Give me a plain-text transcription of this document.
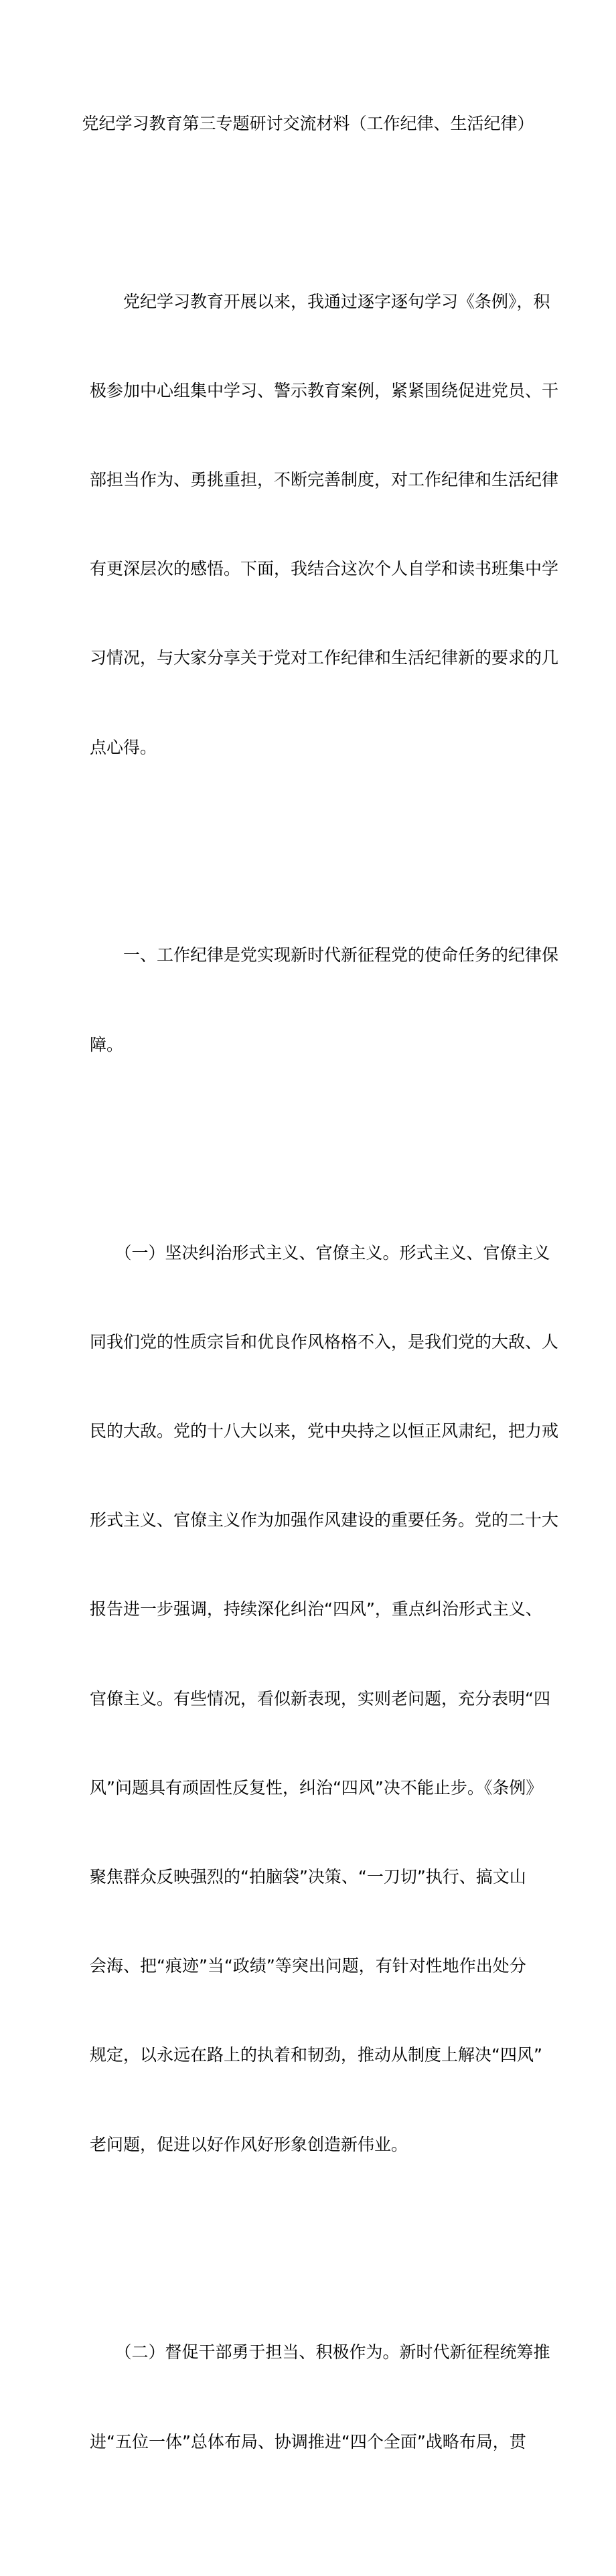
党纪学习教育第三专题研讨交流材料（工作纪律、生活纪律）

　　党纪学习教育开展以来，我通过逐字逐句学习《条例》，积

极参加中心组集中学习、警示教育案例，紧紧围绕促进党员、干

部担当作为、勇挑重担，不断完善制度，对工作纪律和生活纪律

有更深层次的感悟。下面，我结合这次个人自学和读书班集中学

习情况，与大家分享关于党对工作纪律和生活纪律新的要求的几

点心得。

　　一、工作纪律是党实现新时代新征程党的使命任务的纪律保

障。

　　（一）坚决纠治形式主义、官僚主义。形式主义、官僚主义

同我们党的性质宗旨和优良作风格格不入，是我们党的大敌、人

民的大敌。党的十八大以来，党中央持之以恒正风肃纪，把力戒

形式主义、官僚主义作为加强作风建设的重要任务。党的二十大

报告进一步强调，持续深化纠治“四风”，重点纠治形式主义、

官僚主义。有些情况，看似新表现，实则老问题，充分表明“四

风”问题具有顽固性反复性，纠治“四风”决不能止步。《条例》

聚焦群众反映强烈的“拍脑袋”决策、“一刀切”执行、搞文山

会海、把“痕迹”当“政绩”等突出问题，有针对性地作出处分

规定，以永远在路上的执着和韧劲，推动从制度上解决“四风”

老问题，促进以好作风好形象创造新伟业。

　　（二）督促干部勇于担当、积极作为。新时代新征程统筹推

进“五位一体”总体布局、协调推进“四个全面”战略布局，贯
